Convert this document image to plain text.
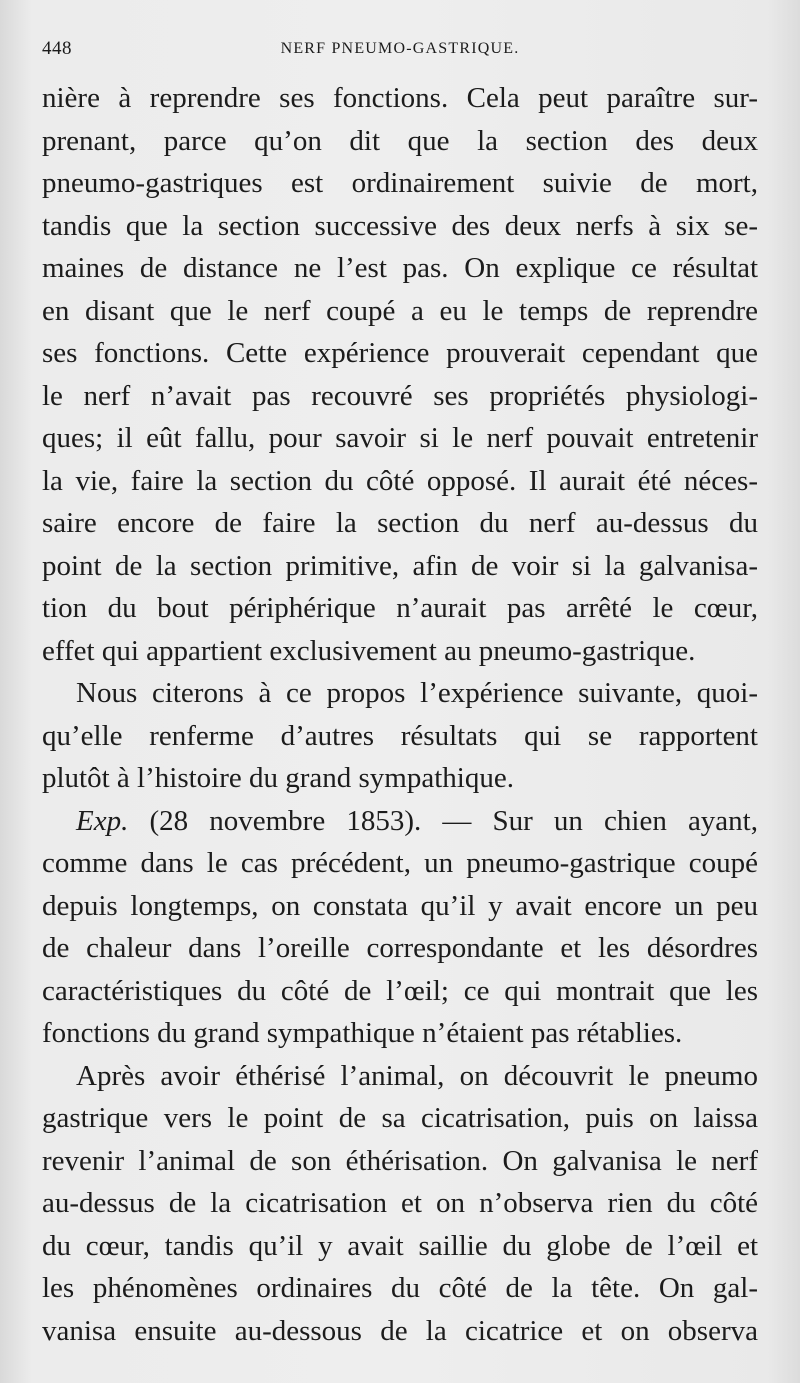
448	NERF PNEUMO-GASTRIQUE.
nière à reprendre ses fonctions. Cela peut paraître sur-
prenant, parce qu’on dit que la section des deux
pneumo-gastriques est ordinairement suivie de mort,
tandis que la section successive des deux nerfs à six se-
maines de distance ne l’est pas. On explique ce résultat
en disant que le nerf coupé a eu le temps de reprendre
ses fonctions. Cette expérience prouverait cependant que
le nerf n’avait pas recouvré ses propriétés physiologi-
ques; il eût fallu, pour savoir si le nerf pouvait entretenir
la vie, faire la section du côté opposé. Il aurait été néces-
saire encore de faire la section du nerf au-dessus du
point de la section primitive, afin de voir si la galvanisa-
tion du bout périphérique n’aurait pas arrêté le cœur,
effet qui appartient exclusivement au pneumo-gastrique.
Nous citerons à ce propos l’expérience suivante, quoi-
qu’elle renferme d’autres résultats qui se rapportent
plutôt à l’histoire du grand sympathique.
Exp. (28 novembre 1853). — Sur un chien ayant,
comme dans le cas précédent, un pneumo-gastrique coupé
depuis longtemps, on constata qu’il y avait encore un peu
de chaleur dans l’oreille correspondante et les désordres
caractéristiques du côté de l’œil; ce qui montrait que les
fonctions du grand sympathique n’étaient pas rétablies.
Après avoir éthérisé l’animal, on découvrit le pneumo
gastrique vers le point de sa cicatrisation, puis on laissa
revenir l’animal de son éthérisation. On galvanisa le nerf
au-dessus de la cicatrisation et on n’observa rien du côté
du cœur, tandis qu’il y avait saillie du globe de l’œil et
les phénomènes ordinaires du côté de la tête. On gal-
vanisa ensuite au-dessous de la cicatrice et on observa
